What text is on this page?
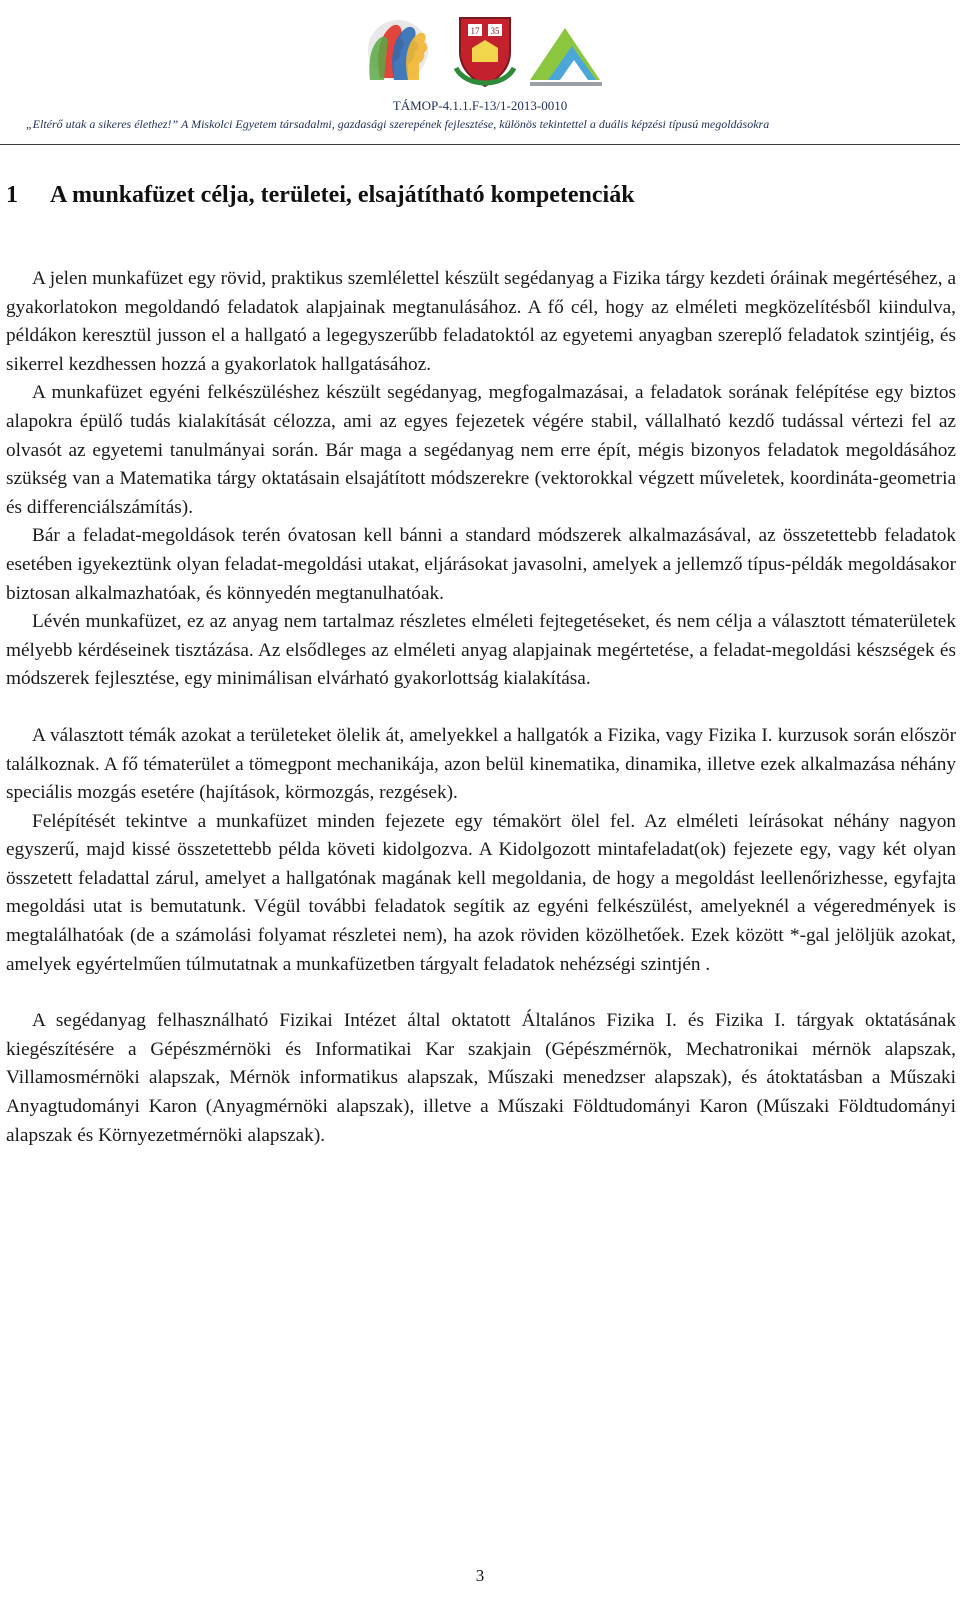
17 35
TÁMOP-4.1.1.F-13/1-2013-0010
„Eltérő utak a sikeres élethez!” A Miskolci Egyetem társadalmi, gazdasági szerepének fejlesztése, különös tekintettel a duális képzési típusú megoldásokra
1 A munkafüzet célja, területei, elsajátítható kompetenciák

A jelen munkafüzet egy rövid, praktikus szemlélettel készült segédanyag a Fizika tárgy kezdeti óráinak megértéséhez, a gyakorlatokon megoldandó feladatok alapjainak megtanulásához. A fő cél, hogy az elméleti megközelítésből kiindulva, példákon keresztül jusson el a hallgató a legegyszerűbb feladatoktól az egyetemi anyagban szereplő feladatok szintjéig, és sikerrel kezdhessen hozzá a gyakorlatok hallgatásához.

A munkafüzet egyéni felkészüléshez készült segédanyag, megfogalmazásai, a feladatok sorának felépítése egy biztos alapokra épülő tudás kialakítását célozza, ami az egyes fejezetek végére stabil, vállalható kezdő tudással vértezi fel az olvasót az egyetemi tanulmányai során. Bár maga a segédanyag nem erre épít, mégis bizonyos feladatok megoldásához szükség van a Matematika tárgy oktatásain elsajátított módszerekre (vektorokkal végzett műveletek, koordináta-geometria és differenciálszámítás).

Bár a feladat-megoldások terén óvatosan kell bánni a standard módszerek alkalmazásával, az összetettebb feladatok esetében igyekeztünk olyan feladat-megoldási utakat, eljárásokat javasolni, amelyek a jellemző típus-példák megoldásakor biztosan alkalmazhatóak, és könnyedén megtanulhatóak.

Lévén munkafüzet, ez az anyag nem tartalmaz részletes elméleti fejtegetéseket, és nem célja a választott tématerületek mélyebb kérdéseinek tisztázása. Az elsődleges az elméleti anyag alapjainak megértetése, a feladat-megoldási készségek és módszerek fejlesztése, egy minimálisan elvárható gyakorlottság kialakítása.

A választott témák azokat a területeket ölelik át, amelyekkel a hallgatók a Fizika, vagy Fizika I. kurzusok során először találkoznak. A fő tématerület a tömegpont mechanikája, azon belül kinematika, dinamika, illetve ezek alkalmazása néhány speciális mozgás esetére (hajítások, körmozgás, rezgések).

Felépítését tekintve a munkafüzet minden fejezete egy témakört ölel fel. Az elméleti leírásokat néhány nagyon egyszerű, majd kissé összetettebb példa követi kidolgozva. A Kidolgozott mintafeladat(ok) fejezete egy, vagy két olyan összetett feladattal zárul, amelyet a hallgatónak magának kell megoldania, de hogy a megoldást leellenőrizhesse, egyfajta megoldási utat is bemutatunk. Végül további feladatok segítik az egyéni felkészülést, amelyeknél a végeredmények is megtalálhatóak (de a számolási folyamat részletei nem), ha azok röviden közölhetőek. Ezek között *-gal jelöljük azokat, amelyek egyértelműen túlmutatnak a munkafüzetben tárgyalt feladatok nehézségi szintjén .

A segédanyag felhasználható Fizikai Intézet által oktatott Általános Fizika I. és Fizika I. tárgyak oktatásának kiegészítésére a Gépészmérnöki és Informatikai Kar szakjain (Gépészmérnök, Mechatronikai mérnök alapszak, Villamosmérnöki alapszak, Mérnök informatikus alapszak, Műszaki menedzser alapszak), és átoktatásban a Műszaki Anyagtudományi Karon (Anyagmérnöki alapszak), illetve a Műszaki Földtudományi Karon (Műszaki Földtudományi alapszak és Környezetmérnöki alapszak).

3
